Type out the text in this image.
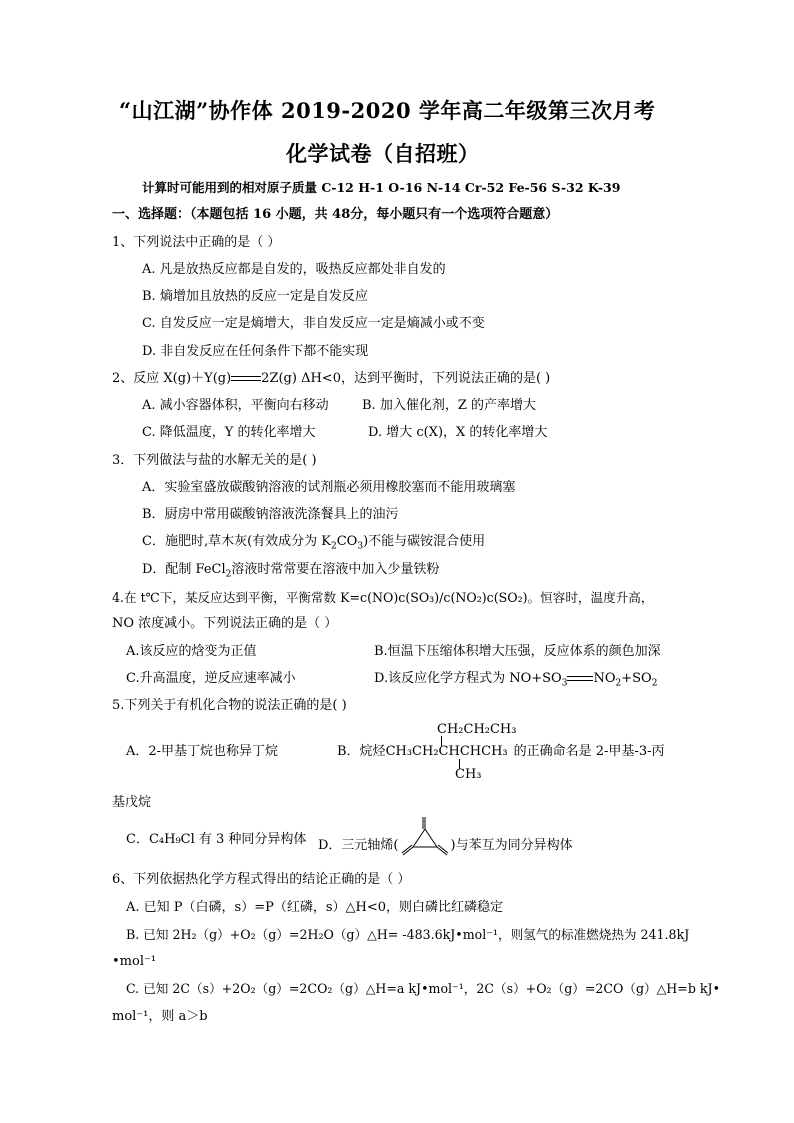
“山江湖”协作体 2019-2020 学年高二年级第三次月考
化学试卷（自招班）
计算时可能用到的相对原子质量 C-12 H-1 O-16 N-14 Cr-52 Fe-56 S-32 K-39
一、选择题：（本题包括 16 小题，共 48分，每小题只有一个选项符合题意）
1、下列说法中正确的是（ ）
A. 凡是放热反应都是自发的，吸热反应都处非自发的
B. 熵增加且放热的反应一定是自发反应
C. 自发反应一定是熵增大，非自发反应一定是熵减小或不变
D. 非自发反应在任何条件下都不能实现
2、反应 X(g)＋Y(g) 2Z(g) ΔH<0，达到平衡时，下列说法正确的是( )
A. 减小容器体积，平衡向右移动	B. 加入催化剂，Z 的产率增大
C. 降低温度，Y 的转化率增大	D. 增大 c(X)，X 的转化率增大
3．下列做法与盐的水解无关的是( )
A．实验室盛放碳酸钠溶液的试剂瓶必须用橡胶塞而不能用玻璃塞
B．厨房中常用碳酸钠溶液洗涤餐具上的油污
C．施肥时,草木灰(有效成分为 $K_2CO_3$)不能与碳铵混合使用
D．配制 FeCl$_2$溶液时常常要在溶液中加入少量铁粉
4.在 t℃下，某反应达到平衡，平衡常数 K=c(NO)c(SO₃)/c(NO₂)c(SO₂)。恒容时，温度升高，
NO 浓度减小。下列说法正确的是（ ）
A.该反应的焓变为正值	B.恒温下压缩体积增大压强，反应体系的颜色加深
C.升高温度，逆反应速率减小	D.该反应化学方程式为 $NO+SO_3$ $NO_2+SO_2$
5.下列关于有机化合物的说法正确的是( )
CH₂CH₂CH₃
A．2-甲基丁烷也称异丁烷	B．烷烃CH₃CH₂CHCHCH₃ 的正确命名是 2-甲基-3-丙
CH₃
基戊烷
C．C₄H₉Cl 有 3 种同分异构体 D．三元轴烯(	)与苯互为同分异构体
6、下列依据热化学方程式得出的结论正确的是（ ）
A. 已知 P（白磷，s）=P（红磷，s）△H<0，则白磷比红磷稳定
B. 已知 2H₂（g）+O₂（g）=2H₂O（g）△H= -483.6kJ•mol⁻¹，则氢气的标准燃烧热为 241.8kJ
•mol⁻¹
C. 已知 2C（s）+2O₂（g）=2CO₂（g）△H=a kJ•mol⁻¹，2C（s）+O₂（g）=2CO（g）△H=b kJ•
mol⁻¹，则 a＞b
